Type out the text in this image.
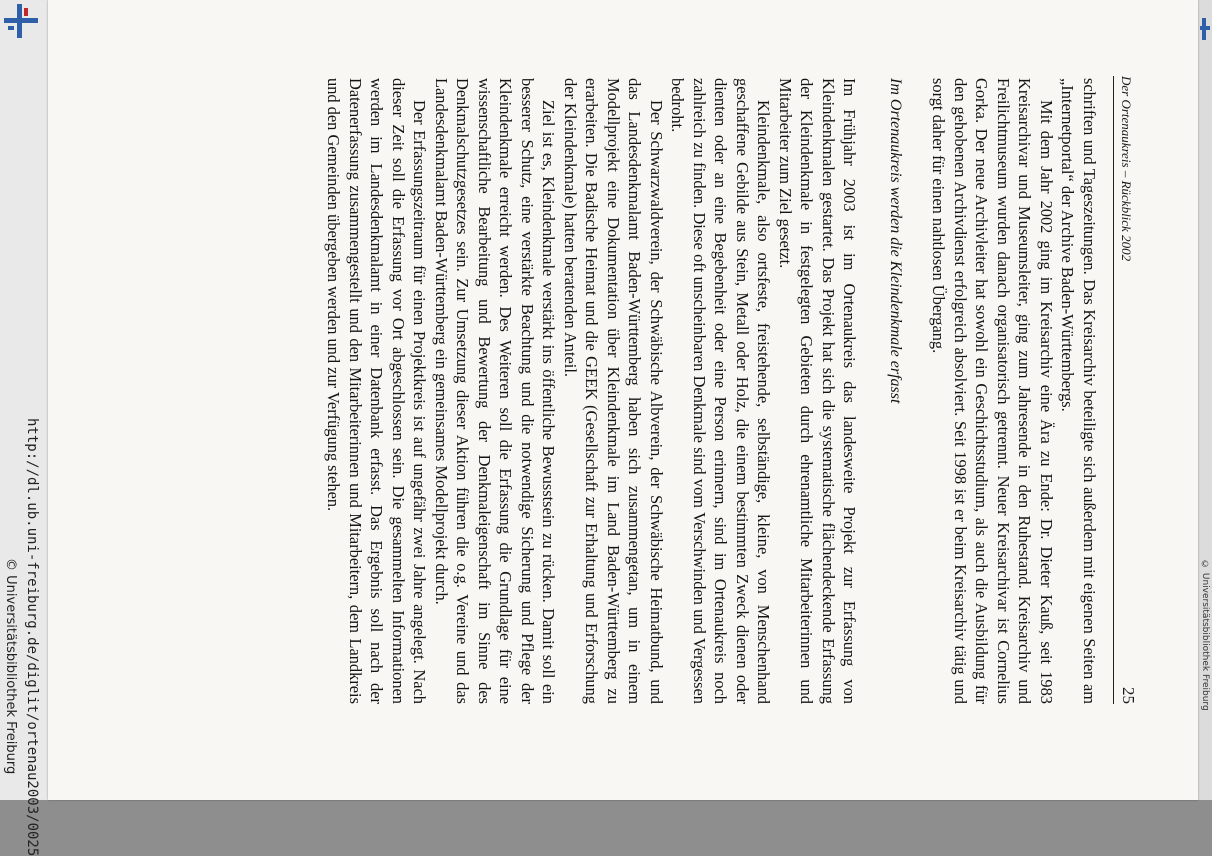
http://dl.ub.uni-freiburg.de/diglit/ortenau2003/0025
© Universitätsbibliothek Freiburg	© Universitätsbibliothek Freiburg
Der Ortenaukreis – Rückblick 2002
25

schriften und Tageszeitungen. Das Kreisarchiv beteiligte sich außerdem mit eigenen Seiten am „Internetportal“ der Archive Baden-Württembergs.

Mit dem Jahr 2002 ging im Kreisarchiv eine Ära zu Ende: Dr. Dieter Kauß, seit 1983 Kreisarchivar und Museumsleiter, ging zum Jahresende in den Ruhestand. Kreisarchiv und Freilichtmuseum wurden danach organisatorisch getrennt. Neuer Kreisarchivar ist Cornelius Gorka. Der neue Archivleiter hat sowohl ein Geschichtsstudium, als auch die Ausbildung für den gehobenen Archivdienst erfolgreich absolviert. Seit 1998 ist er beim Kreisarchiv tätig und sorgt daher für einen nahtlosen Übergang.

Im Ortenaukreis werden die Kleindenkmale erfasst

Im Frühjahr 2003 ist im Ortenaukreis das landesweite Projekt zur Erfassung von Kleindenkmalen gestartet. Das Projekt hat sich die systematische flächendeckende Erfassung der Kleindenkmale in festgelegten Gebieten durch ehrenamtliche Mitarbeiterinnen und Mitarbeiter zum Ziel gesetzt.

Kleindenkmale, also ortsfeste, freistehende, selbständige, kleine, von Menschenhand geschaffene Gebilde aus Stein, Metall oder Holz, die einem bestimmten Zweck dienen oder dienten oder an eine Begebenheit oder eine Person erinnern, sind im Ortenaukreis noch zahlreich zu finden. Diese oft unscheinbaren Denkmale sind vom Verschwinden und Vergessen bedroht.

Der Schwarzwaldverein, der Schwäbische Albverein, der Schwäbische Heimatbund, und das Landesdenkmalamt Baden-Württemberg haben sich zusammengetan, um in einem Modellprojekt eine Dokumentation über Kleindenkmale im Land Baden-Württemberg zu erarbeiten. Die Badische Heimat und die GEEK (Gesellschaft zur Erhaltung und Erforschung der Kleindenkmale) hatten beratenden Anteil.

Ziel ist es, Kleindenkmale verstärkt ins öffentliche Bewusstsein zu rücken. Damit soll ein besserer Schutz, eine verstärkte Beachtung und die notwendige Sicherung und Pflege der Kleindenkmale erreicht werden. Des Weiteren soll die Erfassung die Grundlage für eine wissenschaftliche Bearbeitung und Bewertung der Denkmaleigenschaft im Sinne des Denkmalschutzgesetzes sein. Zur Umsetzung dieser Aktion führen die o.g. Vereine und das Landesdenkmalamt Baden-Württemberg ein gemeinsames Modellprojekt durch.

Der Erfassungszeitraum für einen Projektkreis ist auf ungefähr zwei Jahre angelegt. Nach dieser Zeit soll die Erfassung vor Ort abgeschlossen sein. Die gesammelten Informationen werden im Landesdenkmalamt in einer Datenbank erfasst. Das Ergebnis soll nach der Datenerfassung zusammengestellt und den Mitarbeiterinnen und Mitarbeitern, dem Landkreis und den Gemeinden übergeben werden und zur Verfügung stehen.
